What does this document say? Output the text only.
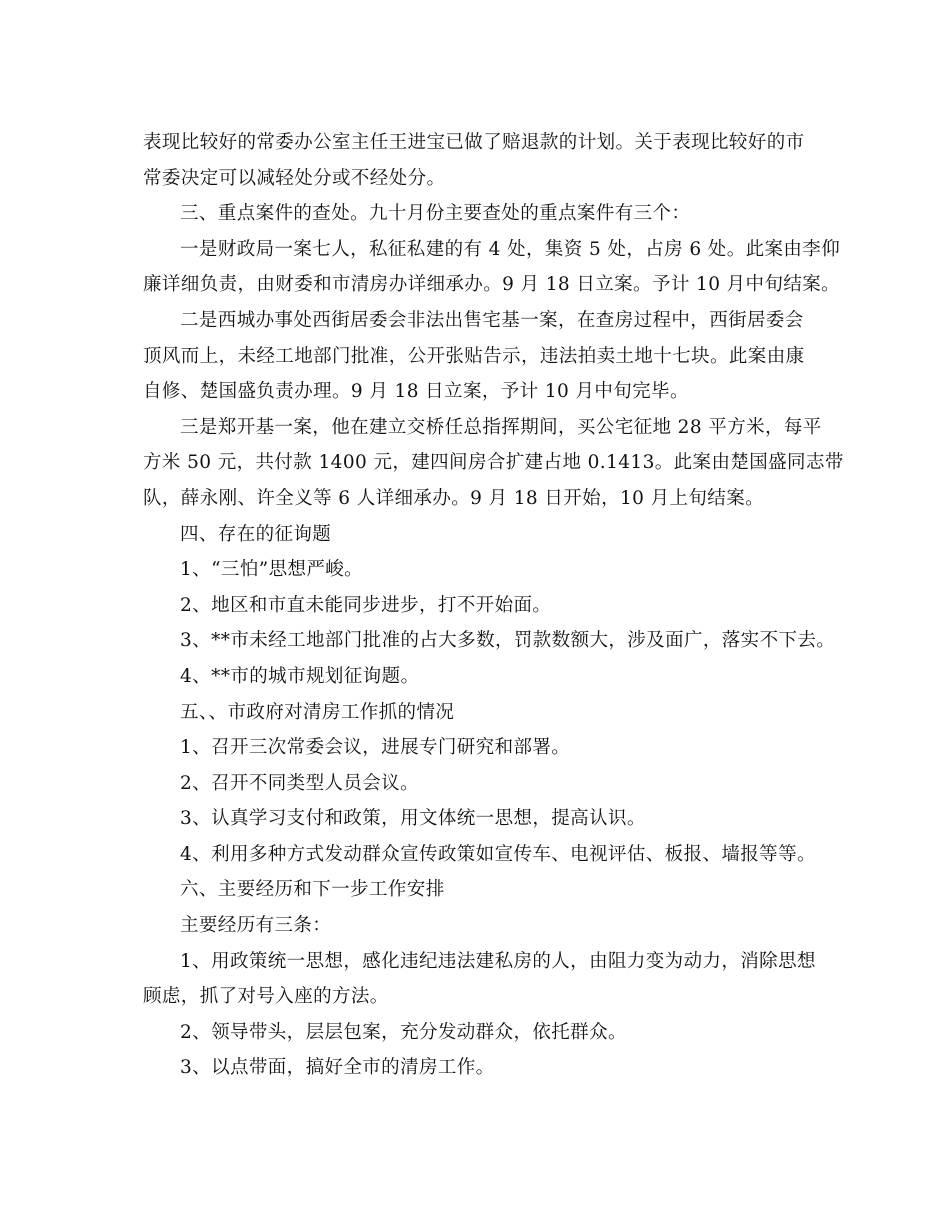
表现比较好的常委办公室主任王进宝已做了赔退款的计划。关于表现比较好的市

常委决定可以减轻处分或不经处分。

三、重点案件的查处。九十月份主要查处的重点案件有三个：

一是财政局一案七人，私征私建的有 4 处，集资 5 处，占房 6 处。此案由李仰

廉详细负责，由财委和市清房办详细承办。9 月 18 日立案。予计 10 月中旬结案。

二是西城办事处西街居委会非法出售宅基一案，在查房过程中，西街居委会

顶风而上，未经工地部门批准，公开张贴告示，违法拍卖土地十七块。此案由康

自修、楚国盛负责办理。9 月 18 日立案，予计 10 月中旬完毕。

三是郑开基一案，他在建立交桥任总指挥期间，买公宅征地 28 平方米，每平

方米 50 元，共付款 1400 元，建四间房合扩建占地 0.1413。此案由楚国盛同志带

队，薛永刚、许全义等 6 人详细承办。9 月 18 日开始，10 月上旬结案。

四、存在的征询题

1、“三怕”思想严峻。

2、地区和市直未能同步进步，打不开始面。

3、**市未经工地部门批准的占大多数，罚款数额大，涉及面广，落实不下去。

4、**市的城市规划征询题。

五、、市政府对清房工作抓的情况

1、召开三次常委会议，进展专门研究和部署。

2、召开不同类型人员会议。

3、认真学习支付和政策，用文体统一思想，提高认识。

4、利用多种方式发动群众宣传政策如宣传车、电视评估、板报、墙报等等。

六、主要经历和下一步工作安排

主要经历有三条：

1、用政策统一思想，感化违纪违法建私房的人，由阻力变为动力，消除思想

顾虑，抓了对号入座的方法。

2、领导带头，层层包案，充分发动群众，依托群众。

3、以点带面，搞好全市的清房工作。
